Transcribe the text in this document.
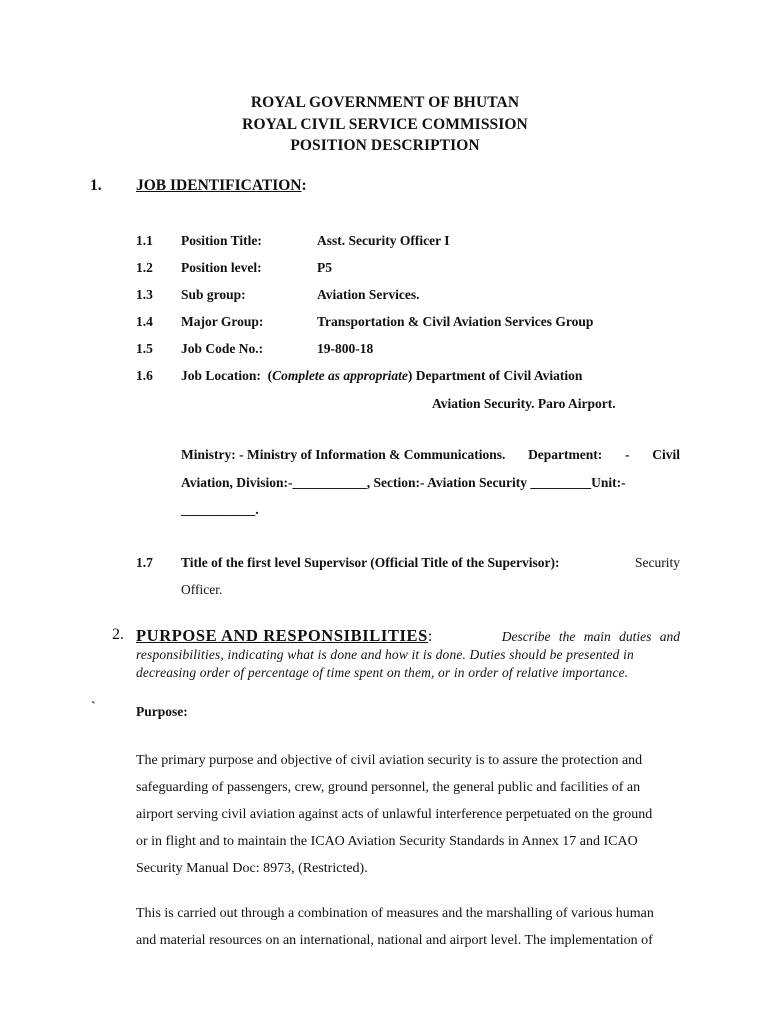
ROYAL GOVERNMENT OF BHUTAN
ROYAL CIVIL SERVICE COMMISSION
POSITION DESCRIPTION
1. JOB IDENTIFICATION:
1.1 Position Title:	Asst. Security Officer I
1.2 Position level:	P5
1.3 Sub group:	Aviation Services.
1.4 Major Group:	Transportation & Civil Aviation Services Group
1.5 Job Code No.:	19-800-18
1.6 Job Location: (Complete as appropriate) Department of Civil Aviation
Aviation Security. Paro Airport.
Ministry: - Ministry of Information & Communications. Department: - Civil
Aviation, Division:-___________, Section:- Aviation Security _________Unit:-
___________.
1.7 Title of the first level Supervisor (Official Title of the Supervisor):	Security
Officer.
2. PURPOSE AND RESPONSIBILITIES:	Describe the main duties and
responsibilities, indicating what is done and how it is done. Duties should be presented in
decreasing order of percentage of time spent on them, or in order of relative importance.
`	Purpose:
The primary purpose and objective of civil aviation security is to assure the protection and
safeguarding of passengers, crew, ground personnel, the general public and facilities of an
airport serving civil aviation against acts of unlawful interference perpetuated on the ground
or in flight and to maintain the ICAO Aviation Security Standards in Annex 17 and ICAO
Security Manual Doc: 8973, (Restricted).
This is carried out through a combination of measures and the marshalling of various human
and material resources on an international, national and airport level. The implementation of
